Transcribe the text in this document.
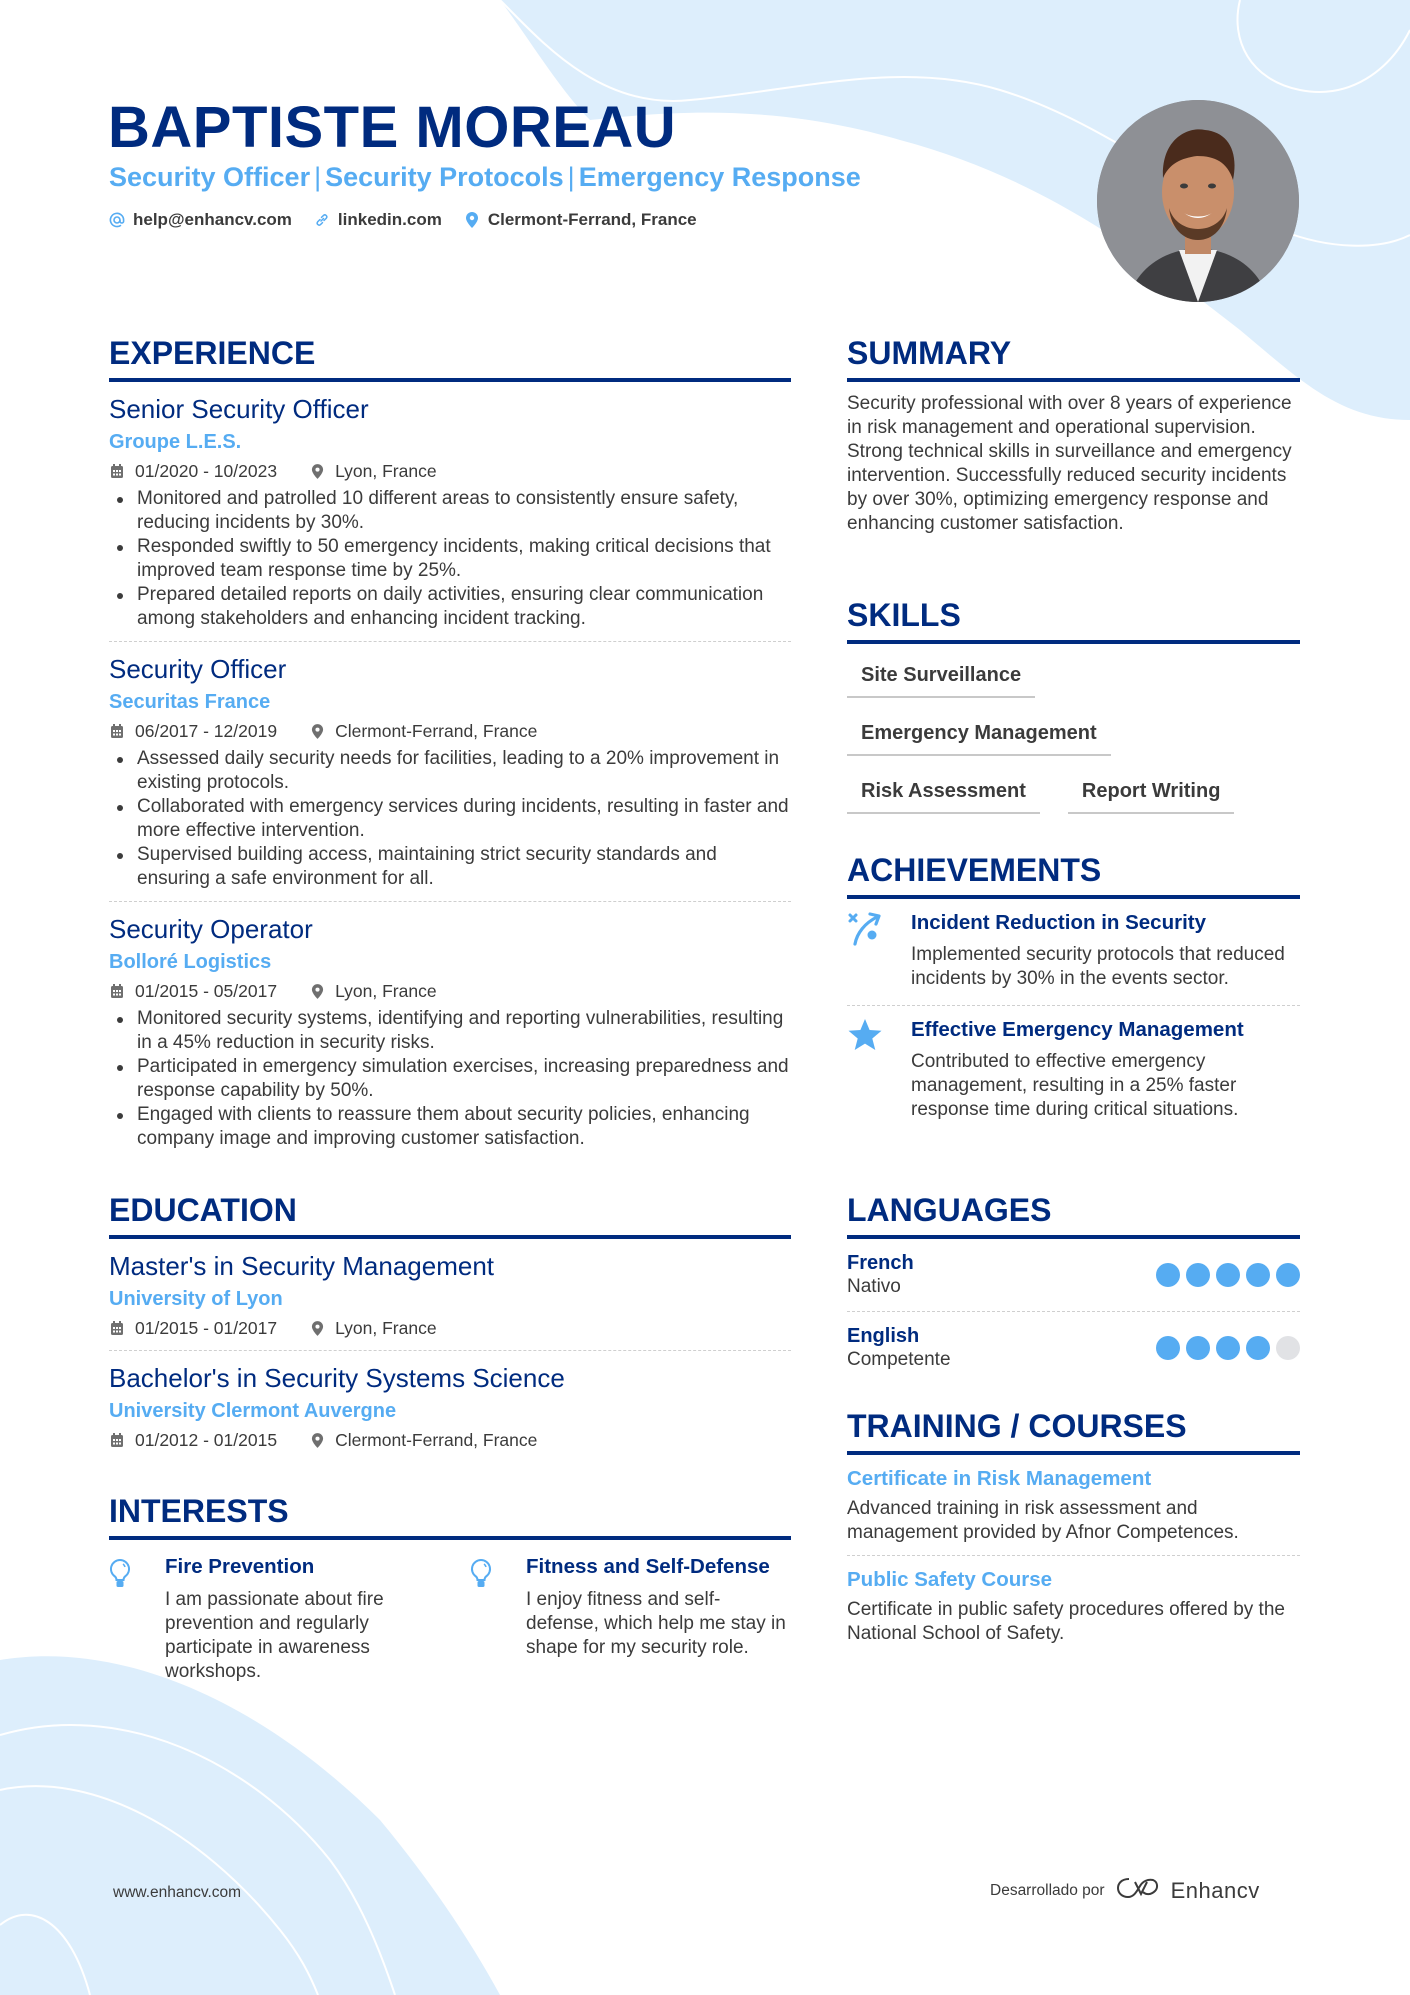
BAPTISTE MOREAU
Security Officer | Security Protocols | Emergency Response
help@enhancv.com	linkedin.com	Clermont-Ferrand, France
EXPERIENCE
Senior Security Officer
Groupe L.E.S.
01/2020 - 10/2023	Lyon, France
Monitored and patrolled 10 different areas to consistently ensure safety, reducing incidents by 30%.
Responded swiftly to 50 emergency incidents, making critical decisions that improved team response time by 25%.
Prepared detailed reports on daily activities, ensuring clear communication among stakeholders and enhancing incident tracking.
Security Officer
Securitas France
06/2017 - 12/2019	Clermont-Ferrand, France
Assessed daily security needs for facilities, leading to a 20% improvement in existing protocols.
Collaborated with emergency services during incidents, resulting in faster and more effective intervention.
Supervised building access, maintaining strict security standards and ensuring a safe environment for all.
Security Operator
Bolloré Logistics
01/2015 - 05/2017	Lyon, France
Monitored security systems, identifying and reporting vulnerabilities, resulting in a 45% reduction in security risks.
Participated in emergency simulation exercises, increasing preparedness and response capability by 50%.
Engaged with clients to reassure them about security policies, enhancing company image and improving customer satisfaction.
EDUCATION
Master's in Security Management
University of Lyon
01/2015 - 01/2017	Lyon, France
Bachelor's in Security Systems Science
University Clermont Auvergne
01/2012 - 01/2015	Clermont-Ferrand, France
INTERESTS
Fire Prevention
I am passionate about fire prevention and regularly participate in awareness workshops.
Fitness and Self-Defense
I enjoy fitness and self-defense, which help me stay in shape for my security role.
SUMMARY

Security professional with over 8 years of experience in risk management and operational supervision. Strong technical skills in surveillance and emergency intervention. Successfully reduced security incidents by over 30%, optimizing emergency response and enhancing customer satisfaction.

SKILLS
Site Surveillance
Emergency Management
Risk Assessment	Report Writing
ACHIEVEMENTS
Incident Reduction in Security
Implemented security protocols that reduced incidents by 30% in the events sector.
Effective Emergency Management
Contributed to effective emergency management, resulting in a 25% faster response time during critical situations.
LANGUAGES
French
Nativo
English
Competente
TRAINING / COURSES
Certificate in Risk Management
Advanced training in risk assessment and management provided by Afnor Competences.
Public Safety Course
Certificate in public safety procedures offered by the National School of Safety.
www.enhancv.com	Desarrollado por	Enhancv
